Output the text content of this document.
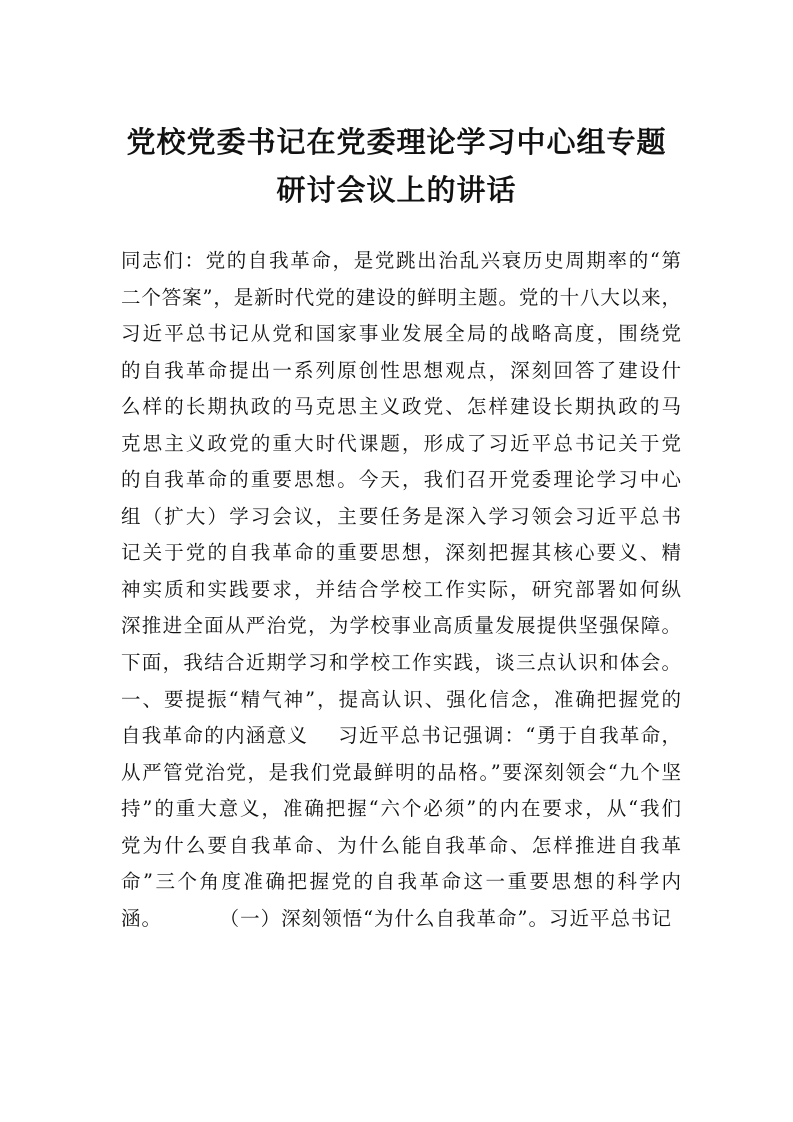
党校党委书记在党委理论学习中心组专题
研讨会议上的讲话
同志们：党的自我革命，是党跳出治乱兴衰历史周期率的“第
二个答案”，是新时代党的建设的鲜明主题。党的十八大以来，
习近平总书记从党和国家事业发展全局的战略高度，围绕党
的自我革命提出一系列原创性思想观点，深刻回答了建设什
么样的长期执政的马克思主义政党、怎样建设长期执政的马
克思主义政党的重大时代课题，形成了习近平总书记关于党
的自我革命的重要思想。今天，我们召开党委理论学习中心
组（扩大）学习会议，主要任务是深入学习领会习近平总书
记关于党的自我革命的重要思想，深刻把握其核心要义、精
神实质和实践要求，并结合学校工作实际，研究部署如何纵
深推进全面从严治党，为学校事业高质量发展提供坚强保障。
下面，我结合近期学习和学校工作实践，谈三点认识和体会。
一、要提振“精气神”，提高认识、强化信念，准确把握党的
自我革命的内涵意义    习近平总书记强调：“勇于自我革命，
从严管党治党，是我们党最鲜明的品格。”要深刻领会“九个坚
持”的重大意义，准确把握“六个必须”的内在要求，从“我们
党为什么要自我革命、为什么能自我革命、怎样推进自我革
命”三个角度准确把握党的自我革命这一重要思想的科学内
涵。        （一）深刻领悟“为什么自我革命”。习近平总书记
